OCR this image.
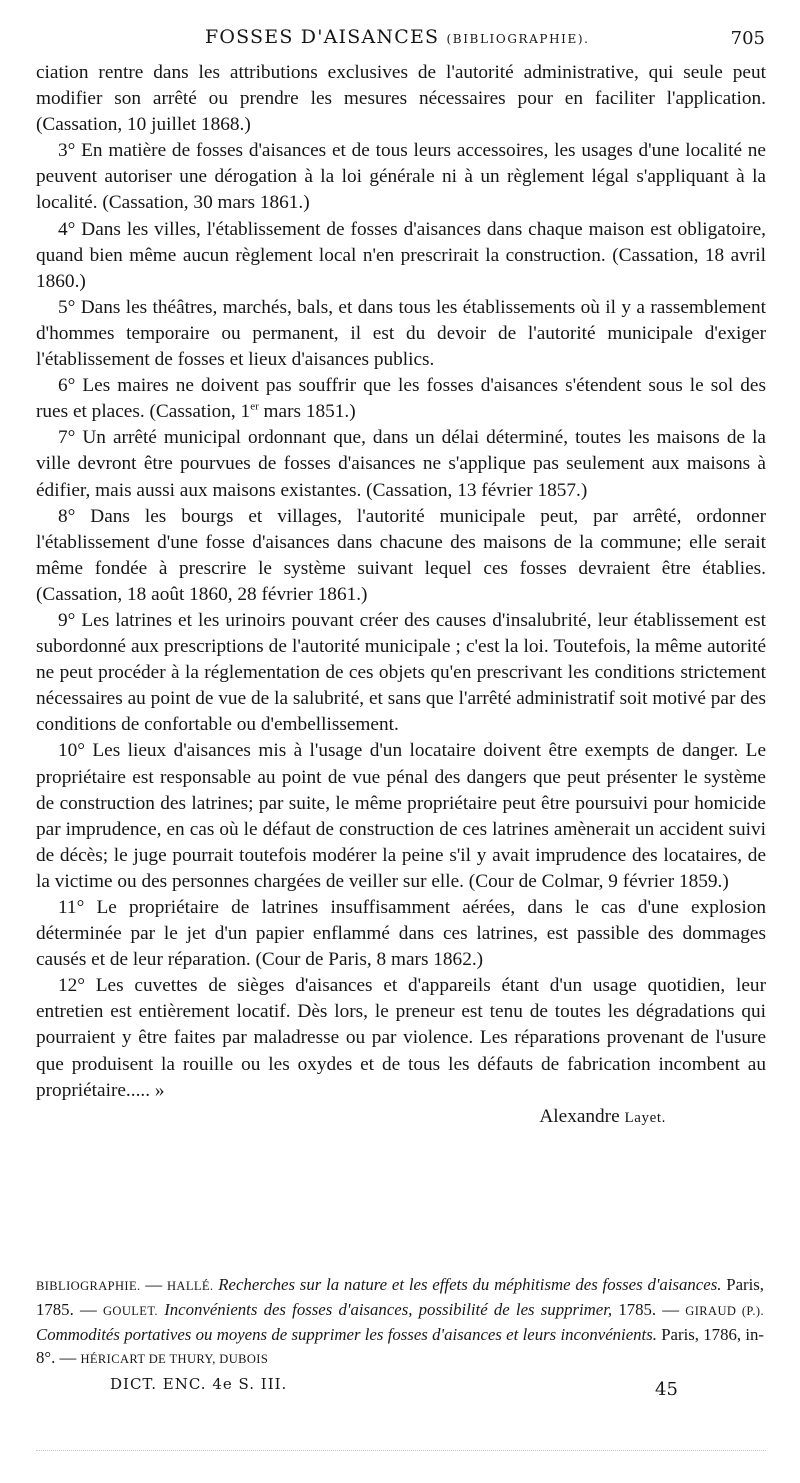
FOSSES D'AISANCES (BIBLIOGRAPHIE).	705

ciation rentre dans les attributions exclusives de l'autorité administrative, qui seule peut modifier son arrêté ou prendre les mesures nécessaires pour en faciliter l'application. (Cassation, 10 juillet 1868.)

3° En matière de fosses d'aisances et de tous leurs accessoires, les usages d'une localité ne peuvent autoriser une dérogation à la loi générale ni à un règlement légal s'appliquant à la localité. (Cassation, 30 mars 1861.)

4° Dans les villes, l'établissement de fosses d'aisances dans chaque maison est obligatoire, quand bien même aucun règlement local n'en prescrirait la construction. (Cassation, 18 avril 1860.)

5° Dans les théâtres, marchés, bals, et dans tous les établissements où il y a rassemblement d'hommes temporaire ou permanent, il est du devoir de l'autorité municipale d'exiger l'établissement de fosses et lieux d'aisances publics.

6° Les maires ne doivent pas souffrir que les fosses d'aisances s'étendent sous le sol des rues et places. (Cassation, 1er mars 1851.)

7° Un arrêté municipal ordonnant que, dans un délai déterminé, toutes les maisons de la ville devront être pourvues de fosses d'aisances ne s'applique pas seulement aux maisons à édifier, mais aussi aux maisons existantes. (Cassation, 13 février 1857.)

8° Dans les bourgs et villages, l'autorité municipale peut, par arrêté, ordonner l'établissement d'une fosse d'aisances dans chacune des maisons de la commune; elle serait même fondée à prescrire le système suivant lequel ces fosses devraient être établies. (Cassation, 18 août 1860, 28 février 1861.)

9° Les latrines et les urinoirs pouvant créer des causes d'insalubrité, leur établissement est subordonné aux prescriptions de l'autorité municipale ; c'est la loi. Toutefois, la même autorité ne peut procéder à la réglementation de ces objets qu'en prescrivant les conditions strictement nécessaires au point de vue de la salubrité, et sans que l'arrêté administratif soit motivé par des conditions de confortable ou d'embellissement.

10° Les lieux d'aisances mis à l'usage d'un locataire doivent être exempts de danger. Le propriétaire est responsable au point de vue pénal des dangers que peut présenter le système de construction des latrines; par suite, le même propriétaire peut être poursuivi pour homicide par imprudence, en cas où le défaut de construction de ces latrines amènerait un accident suivi de décès; le juge pourrait toutefois modérer la peine s'il y avait imprudence des locataires, de la victime ou des personnes chargées de veiller sur elle. (Cour de Colmar, 9 février 1859.)

11° Le propriétaire de latrines insuffisamment aérées, dans le cas d'une explosion déterminée par le jet d'un papier enflammé dans ces latrines, est passible des dommages causés et de leur réparation. (Cour de Paris, 8 mars 1862.)

12° Les cuvettes de sièges d'aisances et d'appareils étant d'un usage quotidien, leur entretien est entièrement locatif. Dès lors, le preneur est tenu de toutes les dégradations qui pourraient y être faites par maladresse ou par violence. Les réparations provenant de l'usure que produisent la rouille ou les oxydes et de tous les défauts de fabrication incombent au propriétaire..... »

Alexandre Layet.

BIBLIOGRAPHIE. — HALLÉ. Recherches sur la nature et les effets du méphitisme des fosses d'aisances. Paris, 1785. — GOULET. Inconvénients des fosses d'aisances, possibilité de les supprimer, 1785. — GIRAUD (P.). Commodités portatives ou moyens de supprimer les fosses d'aisances et leurs inconvénients. Paris, 1786, in-8°. — HÉRICART DE THURY, DUBOIS

DICT. ENC. 4e S. III.	45
